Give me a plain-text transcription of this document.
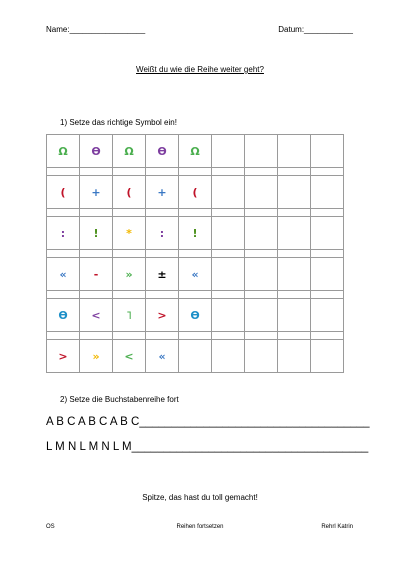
Name:_________________	Datum:___________
Weißt du wie die Reihe weiter geht?
1) Setze das richtige Symbol ein!
Ω	ϴ	Ω	ϴ	Ω				

(	+	(	+	(				

:	!	*	:	!				

«	-	»	±	«				

ϴ	<	˥	>	ϴ				

>	»	<	«					
2) Setze die Buchstabenreihe fort
A B C A B C A B C____________________________________
L M N L M N L M_____________________________________
Spitze, das hast du toll gemacht!
OS	Reihen fortsetzen	Rehrl Katrin
